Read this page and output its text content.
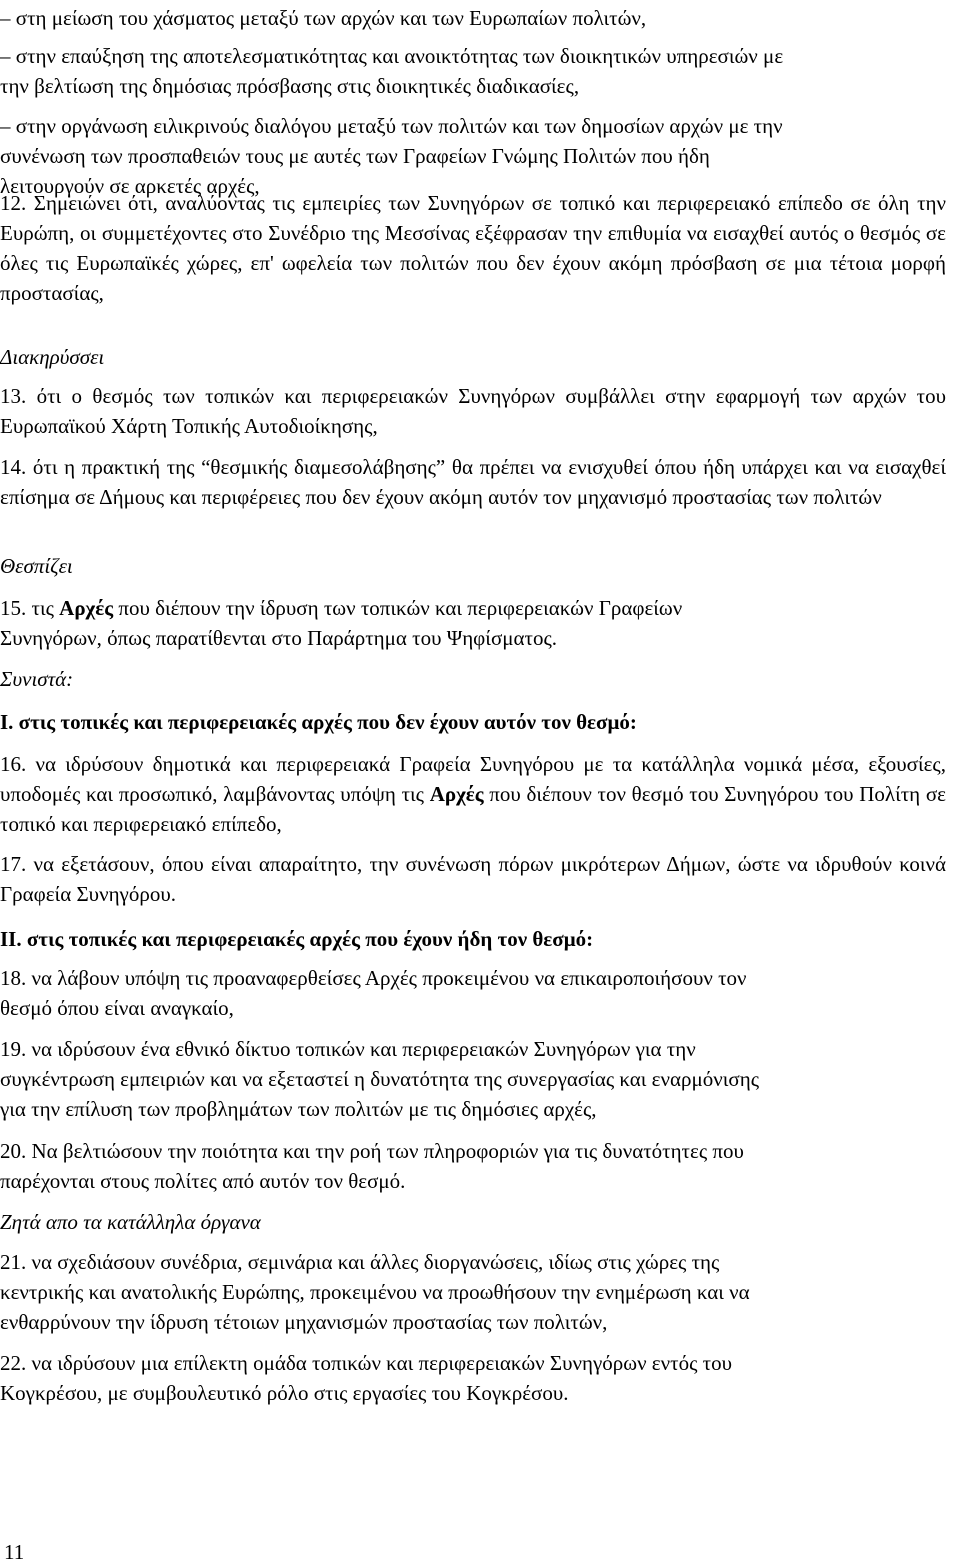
– στη μείωση του χάσματος μεταξύ των αρχών και των Ευρωπαίων πολιτών,

– στην επαύξηση της αποτελεσματικότητας και ανοικτότητας των διοικητικών υπηρεσιών με

την βελτίωση της δημόσιας πρόσβασης στις διοικητικές διαδικασίες,

– στην οργάνωση ειλικρινούς διαλόγου μεταξύ των πολιτών και των δημοσίων αρχών με την

συνένωση των προσπαθειών τους με αυτές των Γραφείων Γνώμης Πολιτών που ήδη

λειτουργούν σε αρκετές αρχές,

12. Σημειώνει ότι, αναλύοντας τις εμπειρίες των Συνηγόρων σε τοπικό και περιφερειακό επίπεδο σε όλη την Ευρώπη, οι συμμετέχοντες στο Συνέδριο της Μεσσίνας εξέφρασαν την επιθυμία να εισαχθεί αυτός ο θεσμός σε όλες τις Ευρωπαϊκές χώρες, επ' ωφελεία των πολιτών που δεν έχουν ακόμη πρόσβαση σε μια τέτοια μορφή προστασίας,

Διακηρύσσει

13. ότι ο θεσμός των τοπικών και περιφερειακών Συνηγόρων συμβάλλει στην εφαρμογή των αρχών του Ευρωπαϊκού Χάρτη Τοπικής Αυτοδιοίκησης,

14. ότι η πρακτική της “θεσμικής διαμεσολάβησης” θα πρέπει να ενισχυθεί όπου ήδη υπάρχει και να εισαχθεί επίσημα σε Δήμους και περιφέρειες που δεν έχουν ακόμη αυτόν τον μηχανισμό προστασίας των πολιτών

Θεσπίζει

15. τις Αρχές που διέπουν την ίδρυση των τοπικών και περιφερειακών Γραφείων

Συνηγόρων, όπως παρατίθενται στο Παράρτημα του Ψηφίσματος.

Συνιστά:

Ι. στις τοπικές και περιφερειακές αρχές που δεν έχουν αυτόν τον θεσμό:

16. να ιδρύσουν δημοτικά και περιφερειακά Γραφεία Συνηγόρου με τα κατάλληλα νομικά μέσα, εξουσίες, υποδομές και προσωπικό, λαμβάνοντας υπόψη τις Αρχές που διέπουν τον θεσμό του Συνηγόρου του Πολίτη σε τοπικό και περιφερειακό επίπεδο,

17. να εξετάσουν, όπου είναι απαραίτητο, την συνένωση πόρων μικρότερων Δήμων, ώστε να ιδρυθούν κοινά Γραφεία Συνηγόρου.

ΙΙ. στις τοπικές και περιφερειακές αρχές που έχουν ήδη τον θεσμό:

18. να λάβουν υπόψη τις προαναφερθείσες Αρχές προκειμένου να επικαιροποιήσουν τον

θεσμό όπου είναι αναγκαίο,

19. να ιδρύσουν ένα εθνικό δίκτυο τοπικών και περιφερειακών Συνηγόρων για την

συγκέντρωση εμπειριών και να εξεταστεί η δυνατότητα της συνεργασίας και εναρμόνισης

για την επίλυση των προβλημάτων των πολιτών με τις δημόσιες αρχές,

20. Να βελτιώσουν την ποιότητα και την ροή των πληροφοριών για τις δυνατότητες που

παρέχονται στους πολίτες από αυτόν τον θεσμό.

Ζητά απο τα κατάλληλα όργανα

21. να σχεδιάσουν συνέδρια, σεμινάρια και άλλες διοργανώσεις, ιδίως στις χώρες της

κεντρικής και ανατολικής Ευρώπης, προκειμένου να προωθήσουν την ενημέρωση και να

ενθαρρύνουν την ίδρυση τέτοιων μηχανισμών προστασίας των πολιτών,

22. να ιδρύσουν μια επίλεκτη ομάδα τοπικών και περιφερειακών Συνηγόρων εντός του

Κογκρέσου, με συμβουλευτικό ρόλο στις εργασίες του Κογκρέσου.

11
